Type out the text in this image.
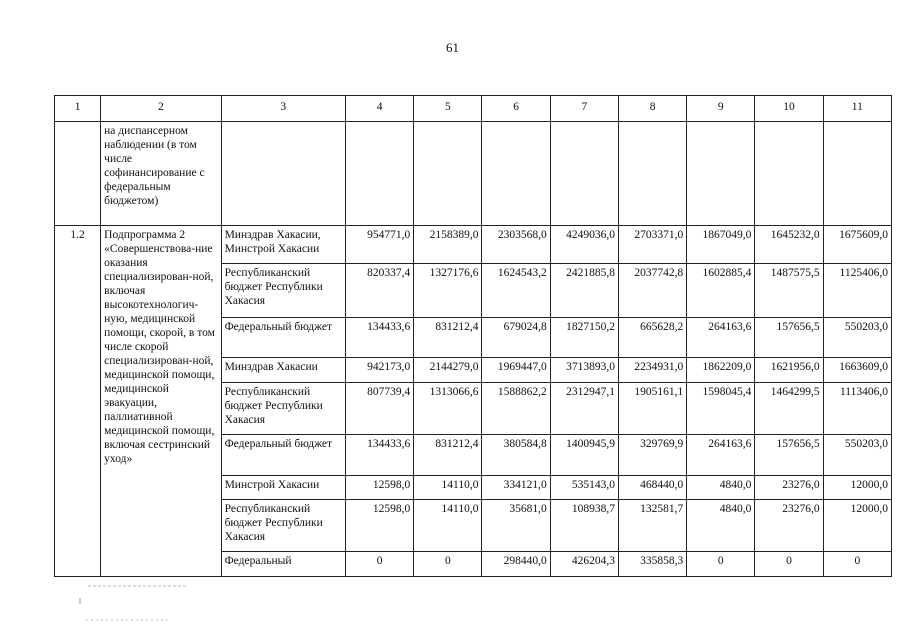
61
1	2	3	4	5	6	7	8	9	10	11
	на диспансерном наблюдении (в том числе софинансирование с федеральным бюджетом)									
1.2	Подпрограмма 2 «Совершенствова-ние оказания специализирован-ной, включая высокотехнологич-ную, медицинской помощи, скорой, в том числе скорой специализирован-ной, медицинской помощи, медицинской эвакуации, паллиативной медицинской помощи, включая сестринский уход»	Минздрав Хакасии, Минстрой Хакасии	954771,0	2158389,0	2303568,0	4249036,0	2703371,0	1867049,0	1645232,0	1675609,0
		Республиканский бюджет Республики Хакасия	820337,4	1327176,6	1624543,2	2421885,8	2037742,8	1602885,4	1487575,5	1125406,0
		Федеральный бюджет	134433,6	831212,4	679024,8	1827150,2	665628,2	264163,6	157656,5	550203,0
		Минздрав Хакасии	942173,0	2144279,0	1969447,0	3713893,0	2234931,0	1862209,0	1621956,0	1663609,0
		Республиканский бюджет Республики Хакасия	807739,4	1313066,6	1588862,2	2312947,1	1905161,1	1598045,4	1464299,5	1113406,0
		Федеральный бюджет	134433,6	831212,4	380584,8	1400945,9	329769,9	264163,6	157656,5	550203,0
		Минстрой Хакасии	12598,0	14110,0	334121,0	535143,0	468440,0	4840,0	23276,0	12000,0
		Республиканский бюджет Республики Хакасия	12598,0	14110,0	35681,0	108938,7	132581,7	4840,0	23276,0	12000,0
		Федеральный	0	0	298440,0	426204,3	335858,3	0	0	0
